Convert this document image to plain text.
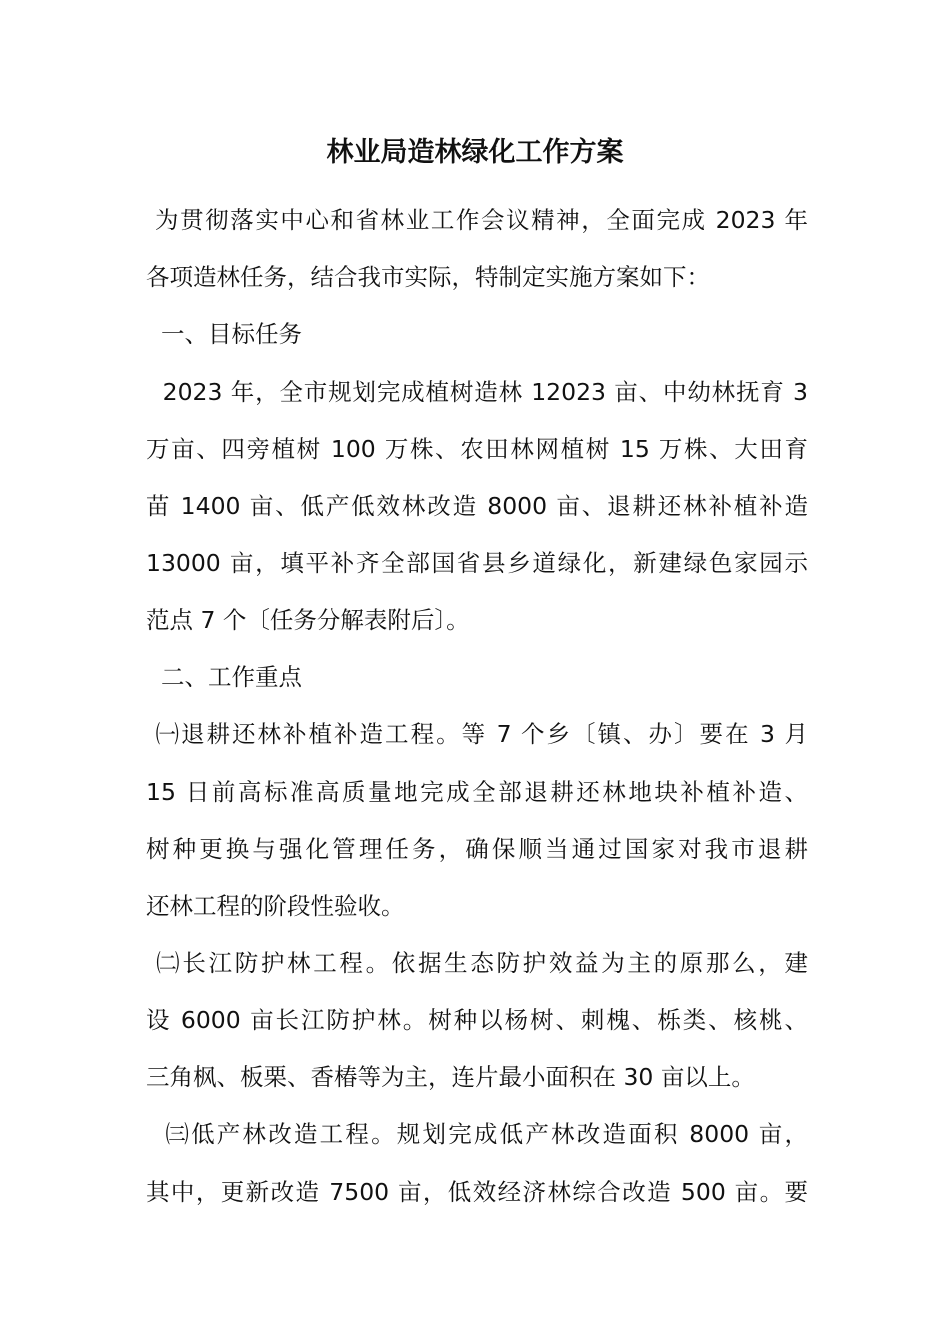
林业局造林绿化工作方案

为贯彻落实中心和省林业工作会议精神，全面完成 2023 年

各项造林任务，结合我市实际，特制定实施方案如下：

一、目标任务

2023 年，全市规划完成植树造林 12023 亩、中幼林抚育 3

万亩、四旁植树 100 万株、农田林网植树 15 万株、大田育

苗 1400 亩、低产低效林改造 8000 亩、退耕还林补植补造

13000 亩，填平补齐全部国省县乡道绿化，新建绿色家园示

范点 7 个〔任务分解表附后〕。

二、工作重点

㈠退耕还林补植补造工程。等 7 个乡〔镇、办〕要在 3 月

15 日前高标准高质量地完成全部退耕还林地块补植补造、

树种更换与强化管理任务，确保顺当通过国家对我市退耕

还林工程的阶段性验收。

㈡长江防护林工程。依据生态防护效益为主的原那么，建

设 6000 亩长江防护林。树种以杨树、刺槐、栎类、核桃、

三角枫、板栗、香椿等为主，连片最小面积在 30 亩以上。

㈢低产林改造工程。规划完成低产林改造面积 8000 亩，

其中，更新改造 7500 亩，低效经济林综合改造 500 亩。要
